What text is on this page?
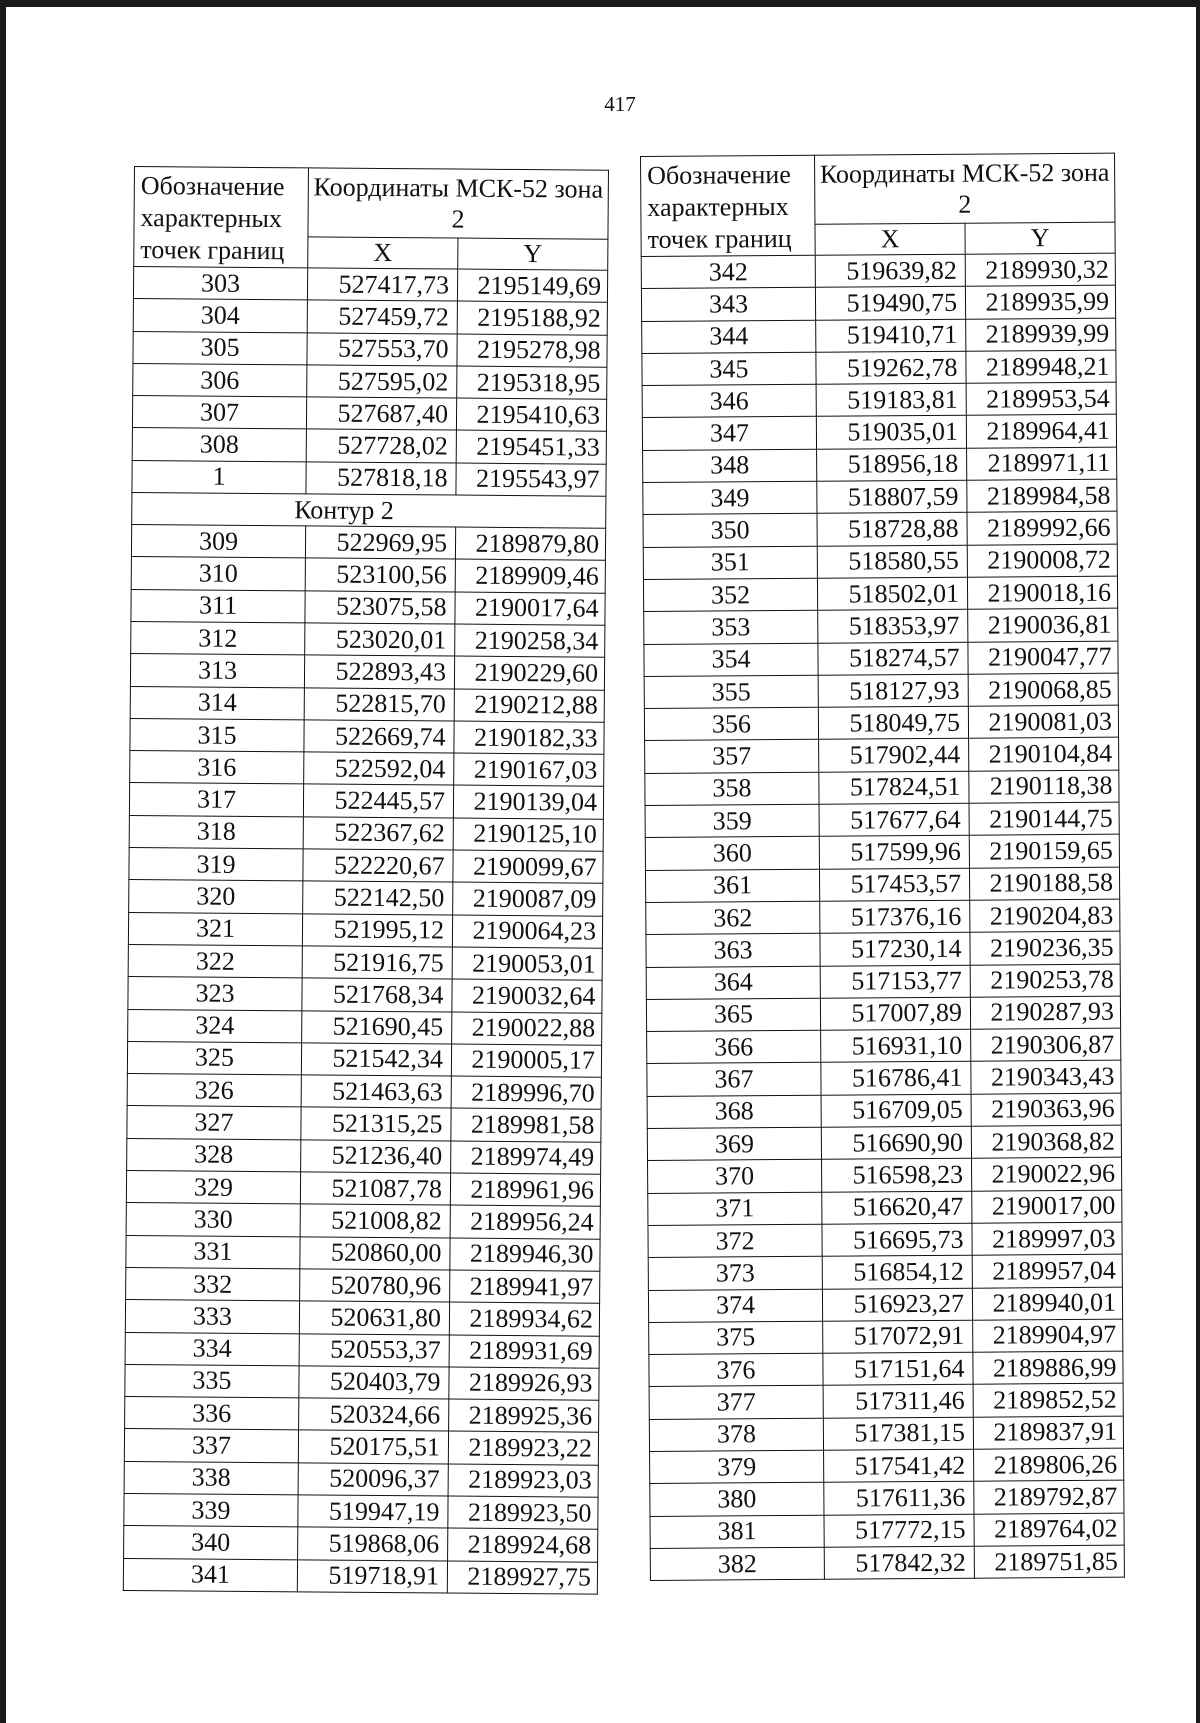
417
Обозначение характерных точек границ	Координаты МСК-52 зона 2	
	X	Y
303	527417,73	2195149,69
304	527459,72	2195188,92
305	527553,70	2195278,98
306	527595,02	2195318,95
307	527687,40	2195410,63
308	527728,02	2195451,33
1	527818,18	2195543,97
Контур 2		
309	522969,95	2189879,80
310	523100,56	2189909,46
311	523075,58	2190017,64
312	523020,01	2190258,34
313	522893,43	2190229,60
314	522815,70	2190212,88
315	522669,74	2190182,33
316	522592,04	2190167,03
317	522445,57	2190139,04
318	522367,62	2190125,10
319	522220,67	2190099,67
320	522142,50	2190087,09
321	521995,12	2190064,23
322	521916,75	2190053,01
323	521768,34	2190032,64
324	521690,45	2190022,88
325	521542,34	2190005,17
326	521463,63	2189996,70
327	521315,25	2189981,58
328	521236,40	2189974,49
329	521087,78	2189961,96
330	521008,82	2189956,24
331	520860,00	2189946,30
332	520780,96	2189941,97
333	520631,80	2189934,62
334	520553,37	2189931,69
335	520403,79	2189926,93
336	520324,66	2189925,36
337	520175,51	2189923,22
338	520096,37	2189923,03
339	519947,19	2189923,50
340	519868,06	2189924,68
341	519718,91	2189927,75
Обозначение характерных точек границ	Координаты МСК-52 зона 2	
	X	Y
342	519639,82	2189930,32
343	519490,75	2189935,99
344	519410,71	2189939,99
345	519262,78	2189948,21
346	519183,81	2189953,54
347	519035,01	2189964,41
348	518956,18	2189971,11
349	518807,59	2189984,58
350	518728,88	2189992,66
351	518580,55	2190008,72
352	518502,01	2190018,16
353	518353,97	2190036,81
354	518274,57	2190047,77
355	518127,93	2190068,85
356	518049,75	2190081,03
357	517902,44	2190104,84
358	517824,51	2190118,38
359	517677,64	2190144,75
360	517599,96	2190159,65
361	517453,57	2190188,58
362	517376,16	2190204,83
363	517230,14	2190236,35
364	517153,77	2190253,78
365	517007,89	2190287,93
366	516931,10	2190306,87
367	516786,41	2190343,43
368	516709,05	2190363,96
369	516690,90	2190368,82
370	516598,23	2190022,96
371	516620,47	2190017,00
372	516695,73	2189997,03
373	516854,12	2189957,04
374	516923,27	2189940,01
375	517072,91	2189904,97
376	517151,64	2189886,99
377	517311,46	2189852,52
378	517381,15	2189837,91
379	517541,42	2189806,26
380	517611,36	2189792,87
381	517772,15	2189764,02
382	517842,32	2189751,85
